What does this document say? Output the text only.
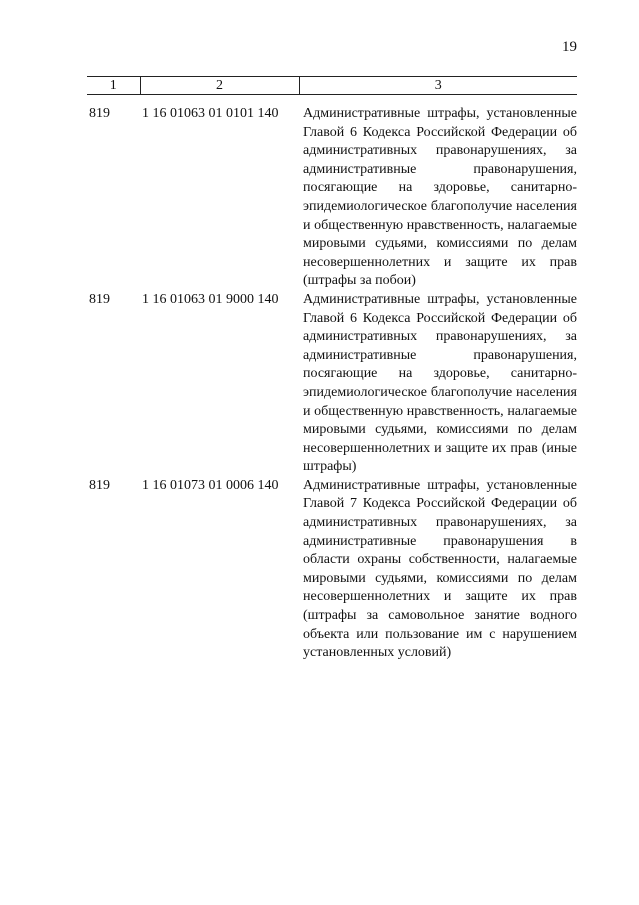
19
1	2	3

819	1 16 01063 01 0101 140	Административные штрафы, установленные Главой 6 Кодекса Российской Федерации об административных правонарушениях, за административные правонарушения, посягающие на здоровье, санитарно-эпидемиологическое благополучие населения и общественную нравственность, налагаемые мировыми судьями, комиссиями по делам несовершеннолетних и защите их прав (штрафы за побои)
819	1 16 01063 01 9000 140	Административные штрафы, установленные Главой 6 Кодекса Российской Федерации об административных правонарушениях, за административные правонарушения, посягающие на здоровье, санитарно-эпидемиологическое благополучие населения и общественную нравственность, налагаемые мировыми судьями, комиссиями по делам несовершеннолетних и защите их прав (иные штрафы)
819	1 16 01073 01 0006 140	Административные штрафы, установленные Главой 7 Кодекса Российской Федерации об административных правонарушениях, за административные правонарушения в области охраны собственности, налагаемые мировыми судьями, комиссиями по делам несовершеннолетних и защите их прав (штрафы за самовольное занятие водного объекта или пользование им с нарушением установленных условий)
